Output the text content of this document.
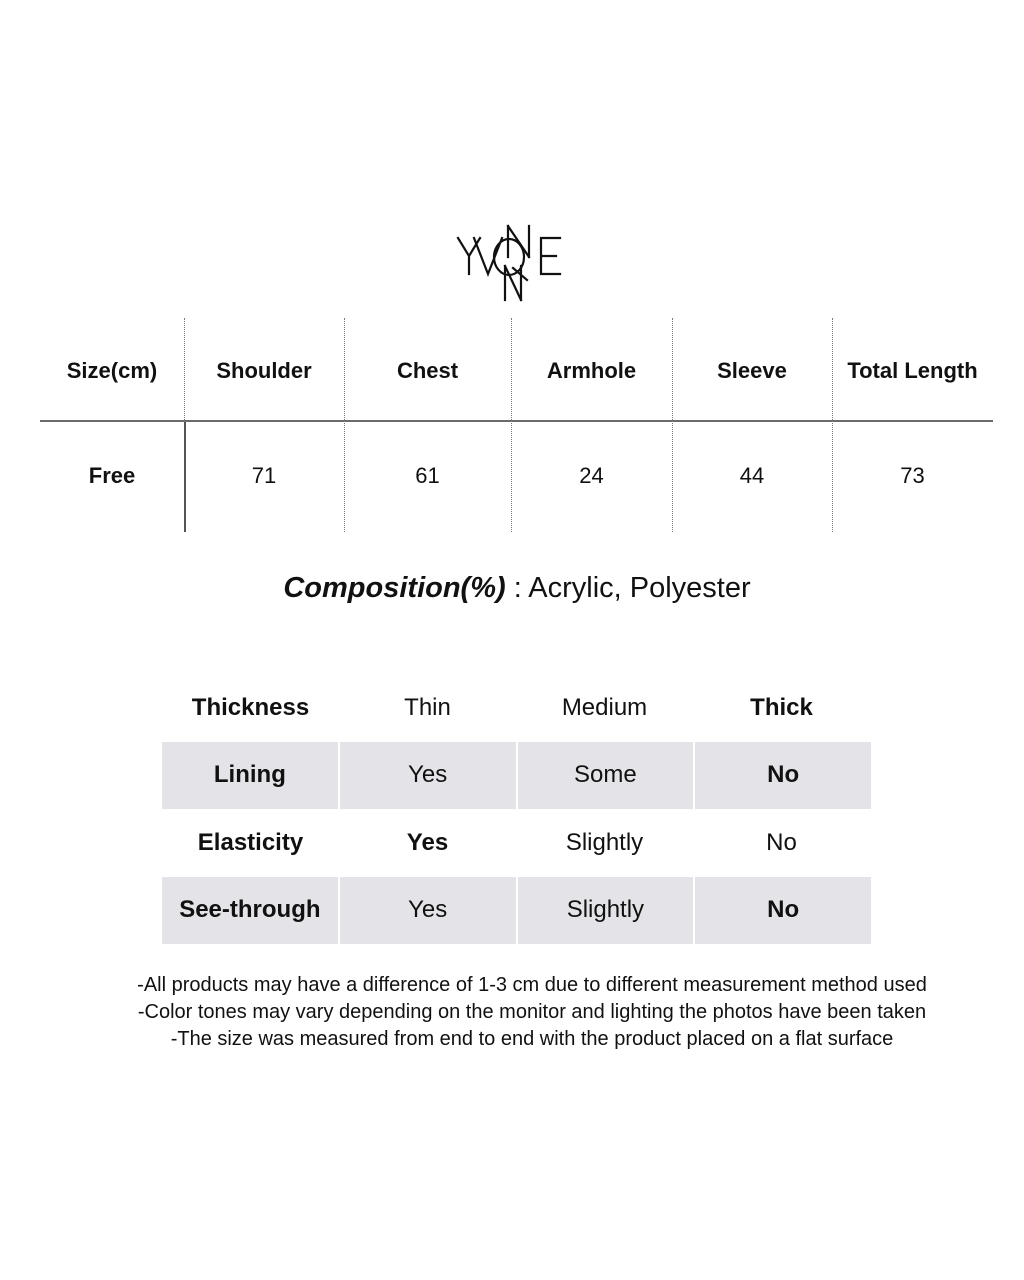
Size(cm)	Shoulder	Chest	Armhole	Sleeve	Total Length
Free	71	61	24	44	73
Composition(%) : Acrylic, Polyester
Thickness	Thin	Medium	Thick
Lining	Yes	Some	No
Elasticity	Yes	Slightly	No
See-through	Yes	Slightly	No
-All products may have a difference of 1-3 cm due to different measurement method used
-Color tones may vary depending on the monitor and lighting the photos have been taken
-The size was measured from end to end with the product placed on a flat surface
